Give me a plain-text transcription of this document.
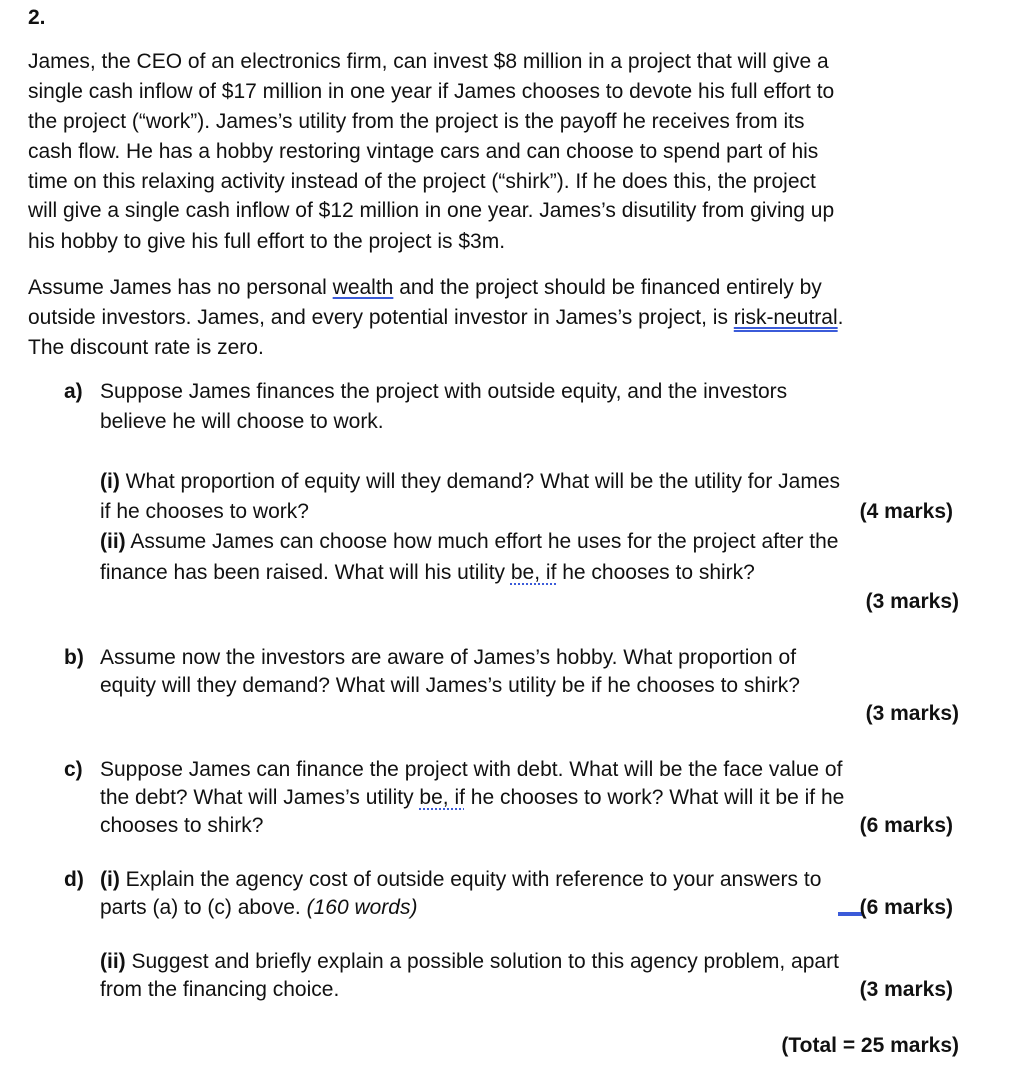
2.
James, the CEO of an electronics firm, can invest $8 million in a project that will give a
single cash inflow of $17 million in one year if James chooses to devote his full effort to
the project (“work”). James’s utility from the project is the payoff he receives from its
cash flow. He has a hobby restoring vintage cars and can choose to spend part of his
time on this relaxing activity instead of the project (“shirk”). If he does this, the project
will give a single cash inflow of $12 million in one year. James’s disutility from giving up
his hobby to give his full effort to the project is $3m.
Assume James has no personal wealth and the project should be financed entirely by
outside investors. James, and every potential investor in James’s project, is risk-neutral.
The discount rate is zero.
a) Suppose James finances the project with outside equity, and the investors
believe he will choose to work.
(i) What proportion of equity will they demand? What will be the utility for James
if he chooses to work?	(4 marks)
(ii) Assume James can choose how much effort he uses for the project after the
finance has been raised. What will his utility be, if he chooses to shirk?
(3 marks)
b) Assume now the investors are aware of James’s hobby. What proportion of
equity will they demand? What will James’s utility be if he chooses to shirk?
(3 marks)
c) Suppose James can finance the project with debt. What will be the face value of
the debt? What will James’s utility be, if he chooses to work? What will it be if he
chooses to shirk?	(6 marks)
d) (i) Explain the agency cost of outside equity with reference to your answers to
parts (a) to (c) above. (160 words)	(6 marks)
(ii) Suggest and briefly explain a possible solution to this agency problem, apart
from the financing choice.	(3 marks)
(Total = 25 marks)
